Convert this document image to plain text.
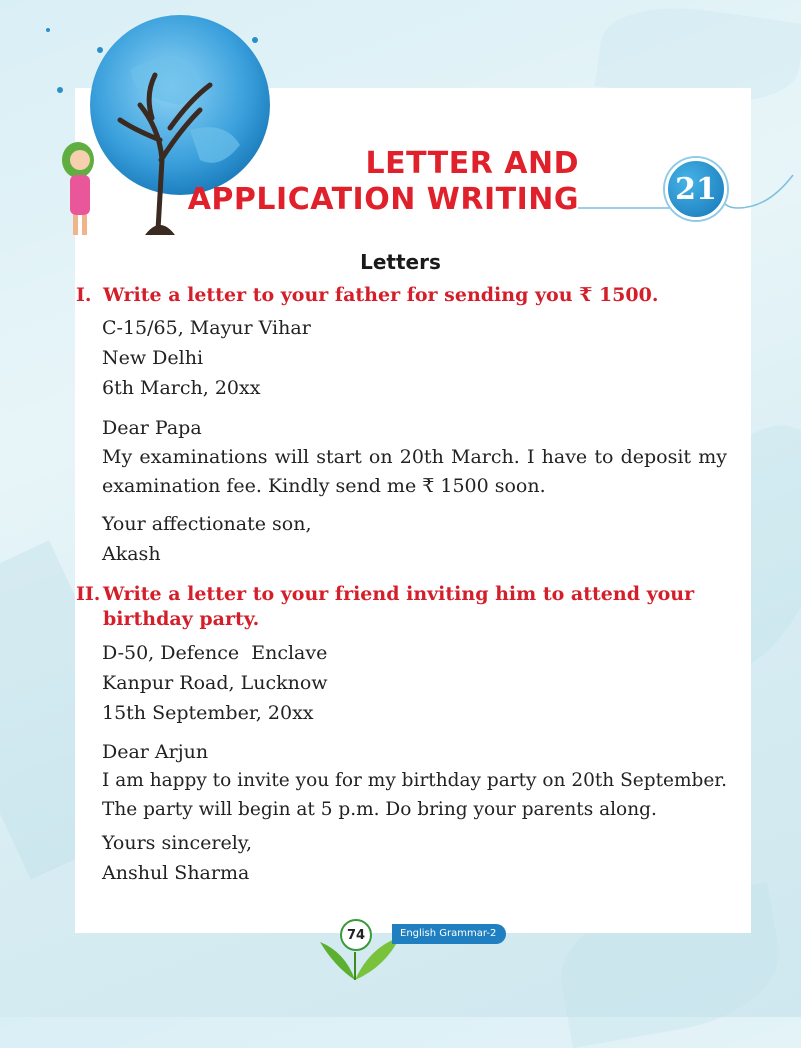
LETTER AND
APPLICATION WRITING	21
Letters
I. Write a letter to your father for sending you ₹ 1500.
C-15/65, Mayur Vihar
New Delhi
6th March, 20xx
Dear Papa
My examinations will start on 20th March. I have to deposit my examination fee. Kindly send me ₹ 1500 soon.
Your affectionate son,
Akash
II. Write a letter to your friend inviting him to attend your
birthday party.
D-50, Defence  Enclave
Kanpur Road, Lucknow
15th September, 20xx
Dear Arjun
I am happy to invite you for my birthday party on 20th September. The party will begin at 5 p.m. Do bring your parents along.
Yours sincerely,
Anshul Sharma
74	English Grammar-2
